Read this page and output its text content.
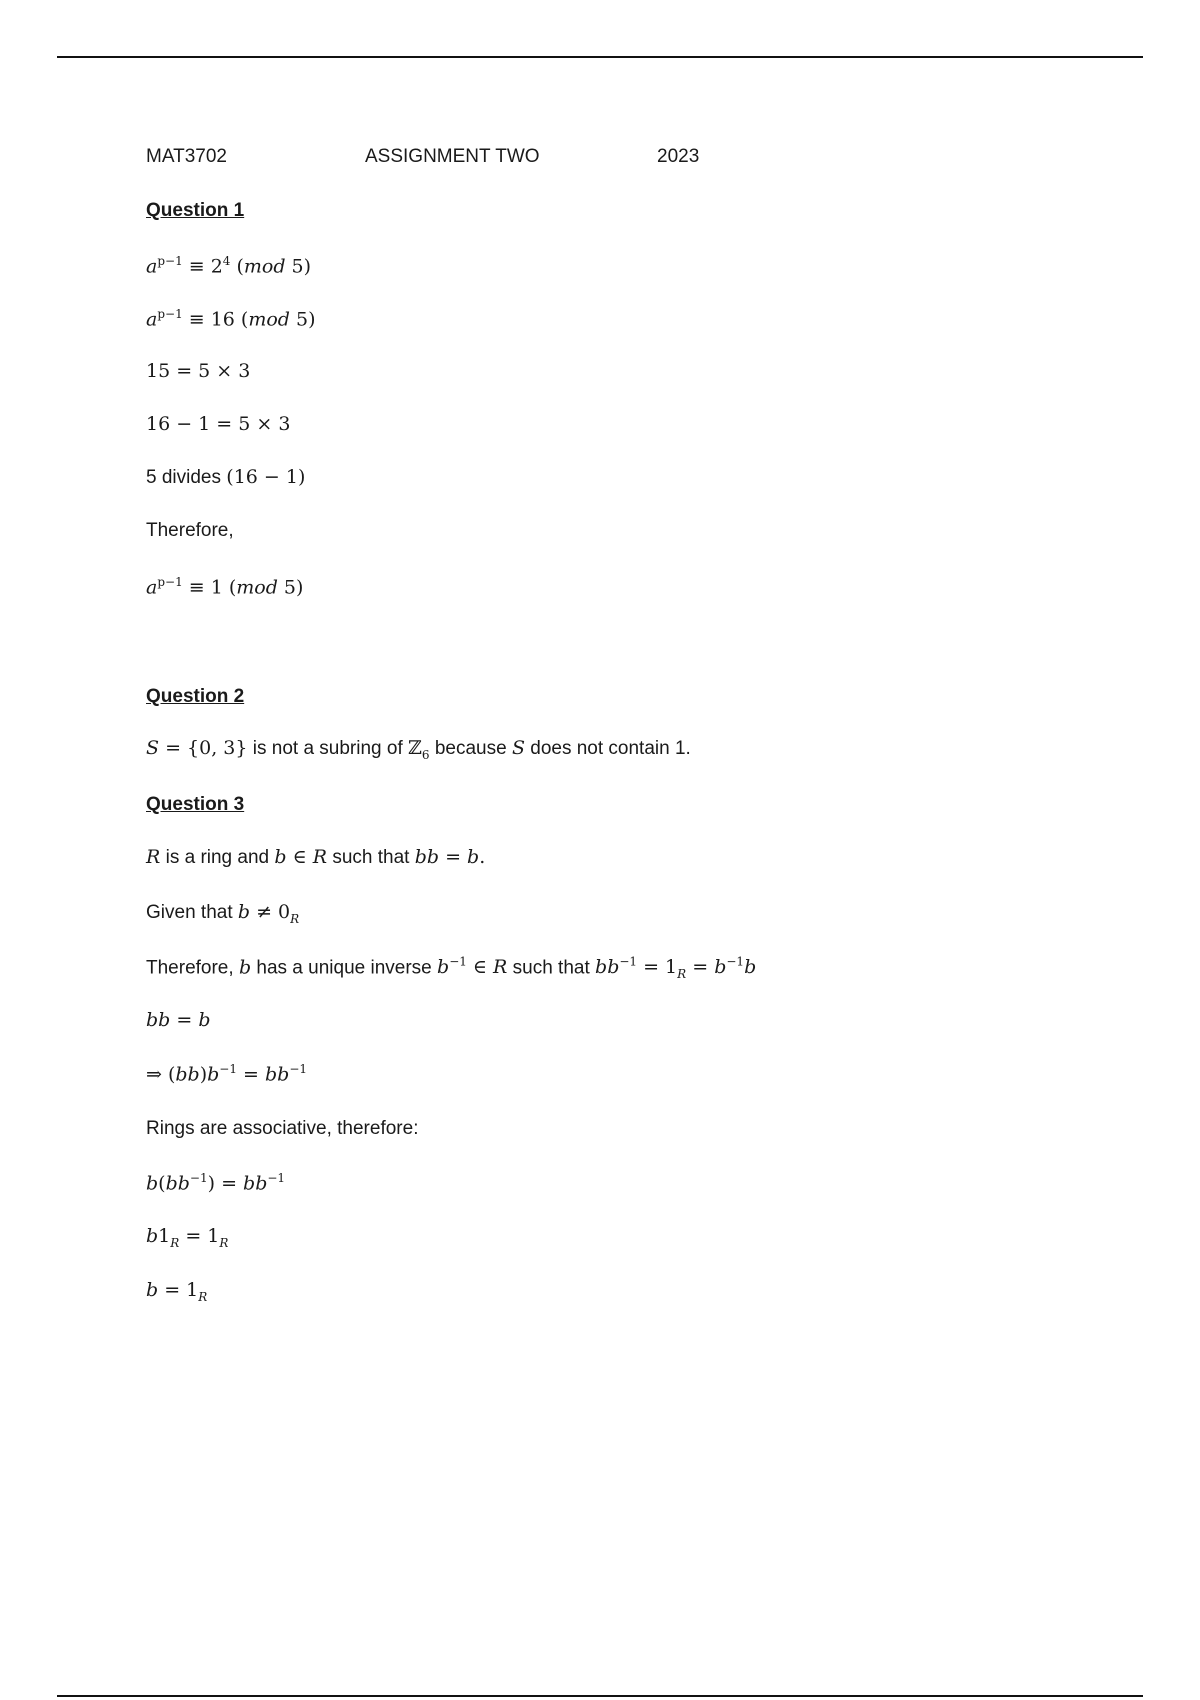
MAT3702	ASSIGNMENT TWO	2023
Question 1
$a^{p-1} \equiv 2^4$ (mod 5)
$a^{p-1} \equiv 16$ (mod 5)
15 = 5 × 3
16 − 1 = 5 × 3
5 divides (16 − 1)
Therefore,
$a^{p-1} \equiv 1$ (mod 5)
Question 2
S = {0, 3} is not a subring of ℤ$_6$ because S does not contain 1.
Question 3
R is a ring and b ∈ R such that bb = b.
Given that $b \ne 0_R$
Therefore, b has a unique inverse $b^{-1}$ ∈ R such that $bb^{-1} = 1_R = b^{-1}b$
bb = b
⇒ $(bb)b^{-1} = bb^{-1}$
Rings are associative, therefore:
$b(bb^{-1}) = bb^{-1}$
$b1_R = 1_R$
$b = 1_R$
